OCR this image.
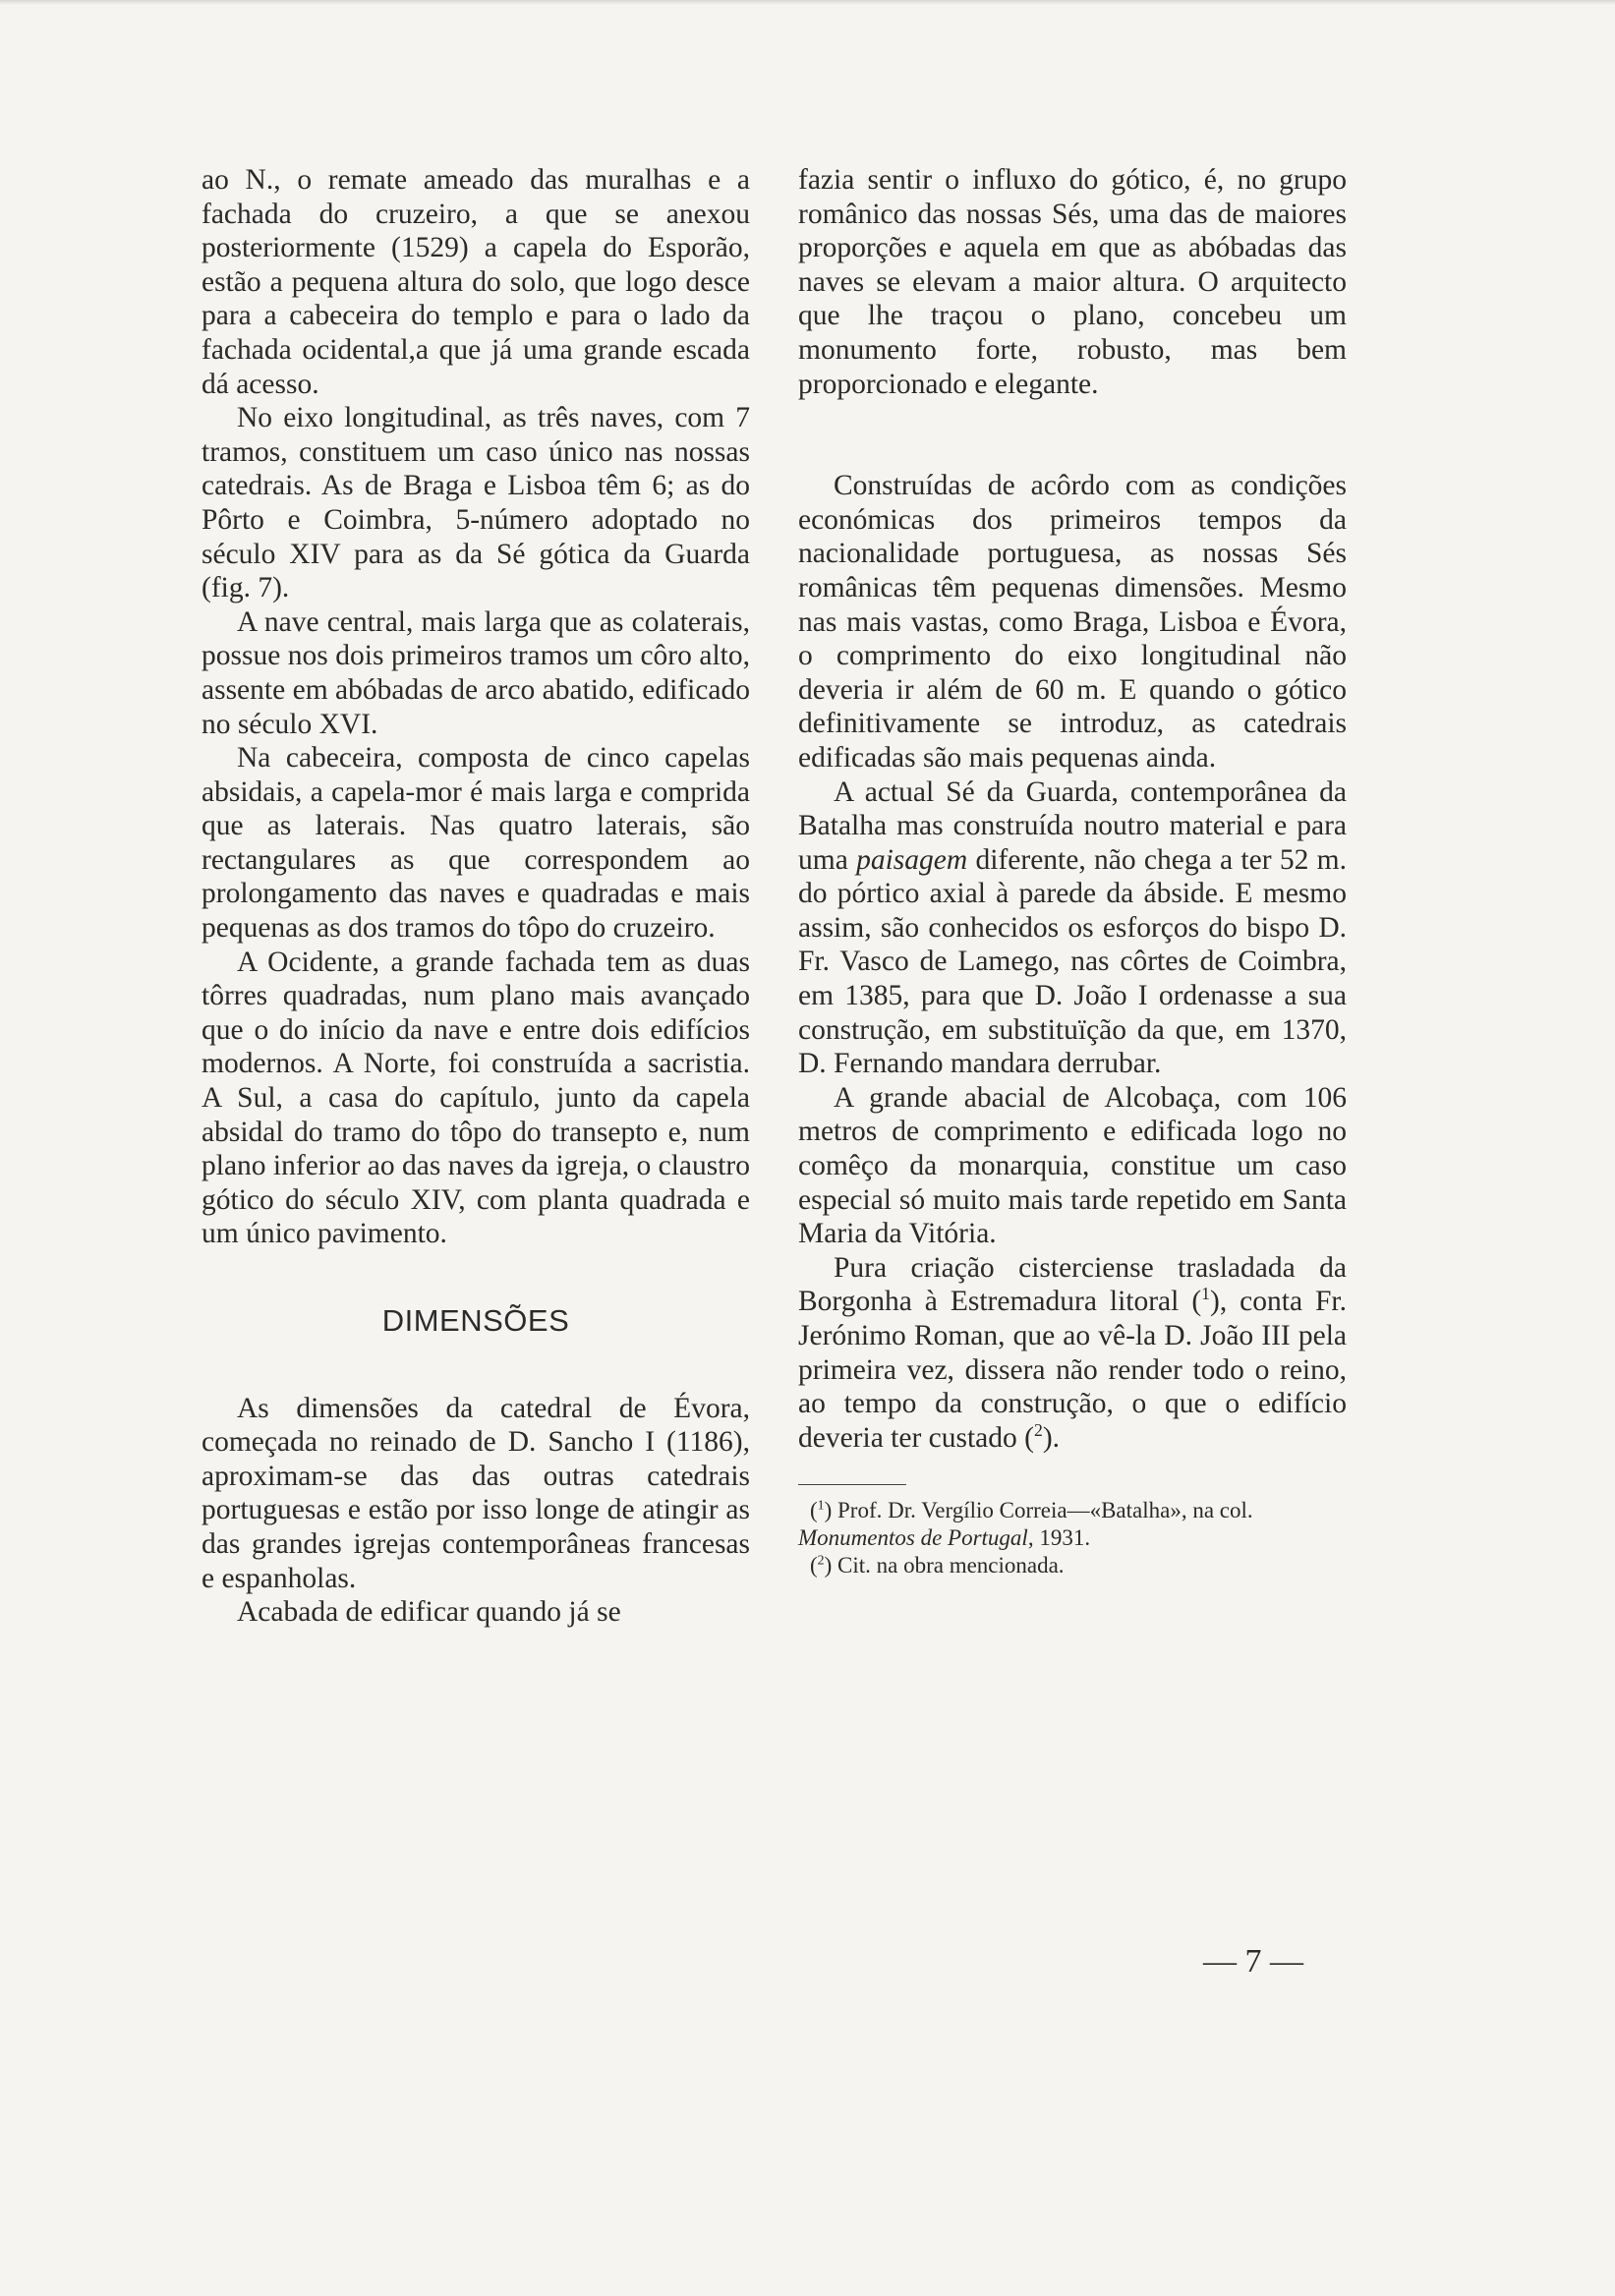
ao N., o remate ameado das muralhas e a fachada do cruzeiro, a que se anexou posteriormente (1529) a capela do Esporão, estão a pequena altura do solo, que logo desce para a cabeceira do templo e para o lado da fachada ocidental,a que já uma grande escada dá acesso.

No eixo longitudinal, as três naves, com 7 tramos, constituem um caso único nas nossas catedrais. As de Braga e Lisboa têm 6; as do Pôrto e Coimbra, 5-número adoptado no século XIV para as da Sé gótica da Guarda (fig. 7).

A nave central, mais larga que as colaterais, possue nos dois primeiros tramos um côro alto, assente em abóbadas de arco abatido, edificado no século XVI.

Na cabeceira, composta de cinco capelas absidais, a capela-mor é mais larga e comprida que as laterais. Nas quatro laterais, são rectangulares as que correspondem ao prolongamento das naves e quadradas e mais pequenas as dos tramos do tôpo do cruzeiro.

A Ocidente, a grande fachada tem as duas tôrres quadradas, num plano mais avançado que o do início da nave e entre dois edifícios modernos. A Norte, foi construída a sacristia. A Sul, a casa do capítulo, junto da capela absidal do tramo do tôpo do transepto e, num plano inferior ao das naves da igreja, o claustro gótico do século XIV, com planta quadrada e um único pavimento.

DIMENSÕES

As dimensões da catedral de Évora, começada no reinado de D. Sancho I (1186), aproximam-se das das outras catedrais portuguesas e estão por isso longe de atingir as das grandes igrejas contemporâneas francesas e espanholas.

Acabada de edificar quando já se

fazia sentir o influxo do gótico, é, no grupo românico das nossas Sés, uma das de maiores proporções e aquela em que as abóbadas das naves se elevam a maior altura. O arquitecto que lhe traçou o plano, concebeu um monumento forte, robusto, mas bem proporcionado e elegante.

Construídas de acôrdo com as condições económicas dos primeiros tempos da nacionalidade portuguesa, as nossas Sés românicas têm pequenas dimensões. Mesmo nas mais vastas, como Braga, Lisboa e Évora, o comprimento do eixo longitudinal não deveria ir além de 60 m. E quando o gótico definitivamente se introduz, as catedrais edificadas são mais pequenas ainda.

A actual Sé da Guarda, contemporânea da Batalha mas construída noutro material e para uma paisagem diferente, não chega a ter 52 m. do pórtico axial à parede da ábside. E mesmo assim, são conhecidos os esforços do bispo D. Fr. Vasco de Lamego, nas côrtes de Coimbra, em 1385, para que D. João I ordenasse a sua construção, em substituïção da que, em 1370, D. Fernando mandara derrubar.

A grande abacial de Alcobaça, com 106 metros de comprimento e edificada logo no comêço da monarquia, constitue um caso especial só muito mais tarde repetido em Santa Maria da Vitória.

Pura criação cisterciense trasladada da Borgonha à Estremadura litoral ($^1$), conta Fr. Jerónimo Roman, que ao vê-la D. João III pela primeira vez, dissera não render todo o reino, ao tempo da construção, o que o edifício deveria ter custado ($^2$).

($^1$) Prof. Dr. Vergílio Correia—«Batalha», na col. Monumentos de Portugal, 1931.

($^2$) Cit. na obra mencionada.

— 7 —
